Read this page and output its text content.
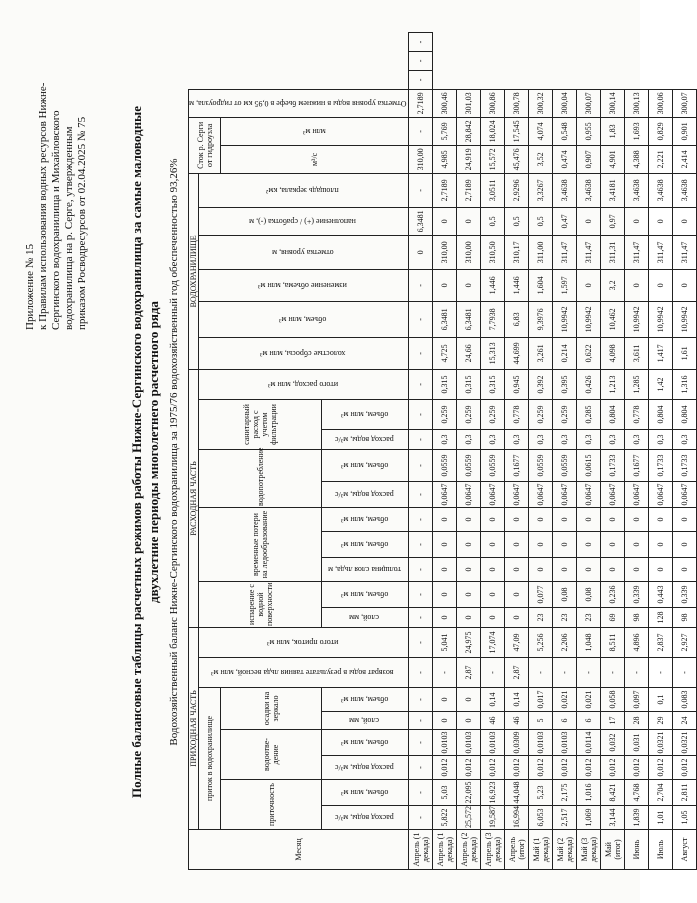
Приложение № 15 к Правилам использования водных ресурсов Нижне- Сергинского водохранилища и Михайловского водохранилища на р. Серге, утвержденным приказом Росводресурсов от 02.04.2025 № 75	Полные балансовые таблицы расчетных режимов работы Нижне-Сергинского водохранилища за самые маловодные двухлетние периоды многолетнего расчетного ряда Водохозяйственный баланс Нижне-Сергинского водохранилища за 1975/76 водохозяйственный год обеспеченностью 93,26%
Месяц	ПРИХОДНАЯ ЧАСТЬ								РАСХОДНАЯ ЧАСТЬ										ВОДОХРАНИЛИЩЕ						Сток р. Серги от гидроузла		Отметка уровня воды в нижнем бьефе в 0,95 км от гидроузла, м			
	приток в водохранилище						возврат воды в результате таяния льда весной, млн м³	итого приток, млн м³	испарение с водной поверхности		временные потери на ледообразование			водопотребление		санитарный расход с учетом фильтрации		итого расход, млн м³	холостые сбросы, млн м³	объем, млн м³	изменение объема, млн м³	отметка уровня, м	наполнение (+) / сработка (-), м	площадь зеркала, км²						
	приточность		водоотве-дение		осадки на зеркало																				м³/с	млн м³				
	расход воды, м³/с	объем, млн м³	расход воды, м³/с	объем, млн м³	слой, мм	объем, млн м³			слой, мм	объем, млн м³	толщина слоя льда, м	объем, млн м³	объем, млн м³	расход воды, м³/с	объем, млн м³	расход воды, м³/с	объем, млн м³													
Апрель (1 декада)	-	-	-	-	-	-	-	-	-	-	-	-	-	-	-	-	-	-	-	-	-	0	6,3481	-	310,00	-	2,7189	-	-	-
Апрель (1 декада)	5,822	5,03	0,012	0,0103	0	0	-	5,041	0	0	0	0	0	0,0647	0,0559	0,3	0,259	0,315	4,725	6,3481	0	310,00	0	2,7189	4,985	5,769	300,46			
Апрель (2 декада)	25,572	22,095	0,012	0,0103	0	0	2,87	24,975	0	0	0	0	0	0,0647	0,0559	0,3	0,259	0,315	24,66	6,3481	0	310,00	0	2,7189	24,919	28,842	301,03			
Апрель (3 декада)	19,587	16,923	0,012	0,0103	46	0,14	-	17,074	0	0	0	0	0	0,0647	0,0559	0,3	0,259	0,315	15,313	7,7938	1,446	310,50	0,5	3,0511	15,572	18,024	300,86			
Апрель (итог)	16,994	44,048	0,012	0,0309	46	0,14	2,87	47,09	0	0	0	0	0	0,0647	0,1677	0,3	0,778	0,945	44,699	6,83	1,446	310,17	0,5	2,9296	45,476	17,545	300,78			
Май (1 декада)	6,053	5,23	0,012	0,0103	5	0,017	-	5,256	23	0,077	0	0	0	0,0647	0,0559	0,3	0,259	0,392	3,261	9,3976	1,604	311,00	0,5	3,3267	3,52	4,074	300,32			
Май (2 декада)	2,517	2,175	0,012	0,0103	6	0,021	-	2,206	23	0,08	0	0	0	0,0647	0,0559	0,3	0,259	0,395	0,214	10,9942	1,597	311,47	0,47	3,4638	0,474	0,548	300,04			
Май (3 декада)	1,069	1,016	0,012	0,0114	6	0,021	-	1,048	23	0,08	0	0	0	0,0647	0,0615	0,3	0,285	0,426	0,622	10,9942	0	311,47	0	3,4638	0,907	0,955	300,07			
Май (итог)	3,144	8,421	0,012	0,032	17	0,058	-	8,511	69	0,236	0	0	0	0,0647	0,1733	0,3	0,804	1,213	4,098	10,462	3,2	311,31	0,97	3,4181	4,901	1,83	300,14			
Июнь	1,839	4,768	0,012	0,031	28	0,097	-	4,896	98	0,339	0	0	0	0,0647	0,1677	0,3	0,778	1,285	3,611	10,9942	0	311,47	0	3,4638	4,388	1,693	300,13			
Июль	1,01	2,704	0,012	0,0321	29	0,1	-	2,837	128	0,443	0	0	0	0,0647	0,1733	0,3	0,804	1,42	1,417	10,9942	0	311,47	0	3,4638	2,221	0,829	300,06			
Август	1,05	2,811	0,012	0,0321	24	0,083	-	2,927	98	0,339	0	0	0	0,0647	0,1733	0,3	0,804	1,316	1,61	10,9942	0	311,47	0	3,4638	2,414	0,901	300,07			
